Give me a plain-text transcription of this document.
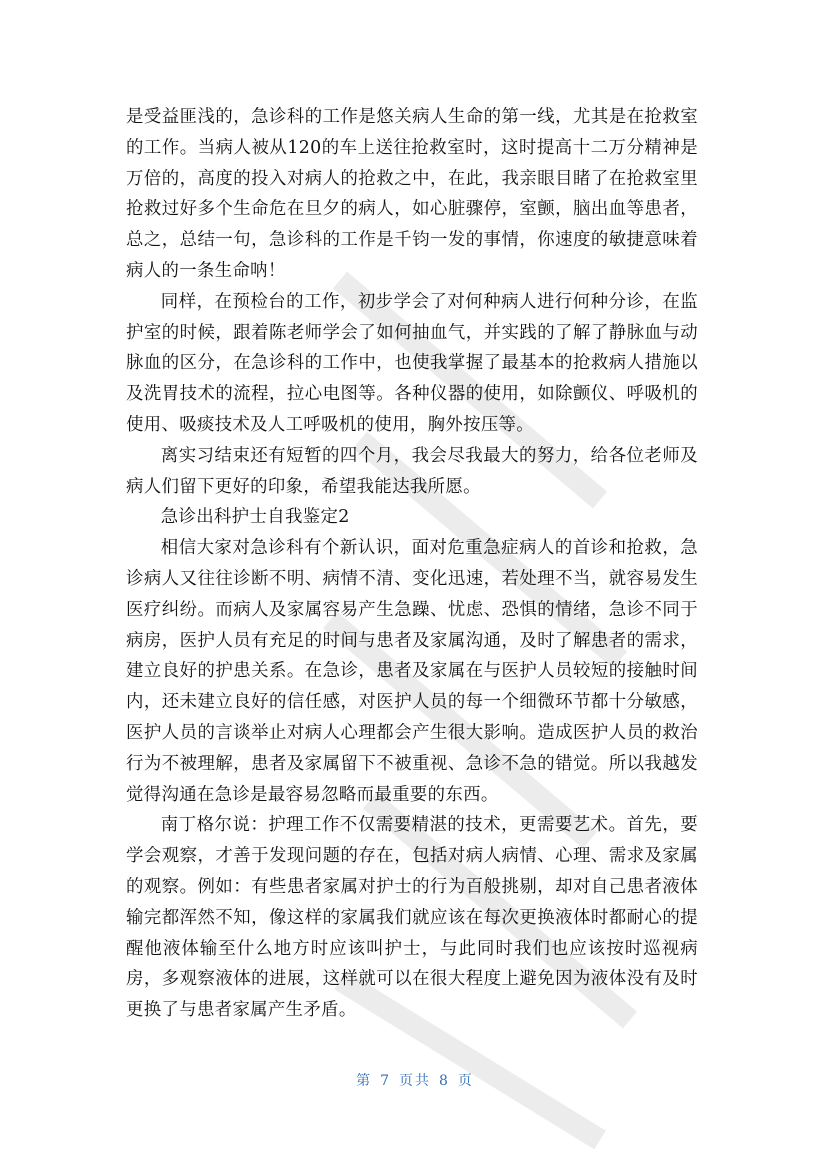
是受益匪浅的，急诊科的工作是悠关病人生命的第一线，尤其是在抢救室的工作。当病人被从120的车上送往抢救室时，这时提高十二万分精神是万倍的，高度的投入对病人的抢救之中，在此，我亲眼目睹了在抢救室里抢救过好多个生命危在旦夕的病人，如心脏骤停，室颤，脑出血等患者，总之，总结一句，急诊科的工作是千钧一发的事情，你速度的敏捷意味着病人的一条生命呐！

同样，在预检台的工作，初步学会了对何种病人进行何种分诊，在监护室的时候，跟着陈老师学会了如何抽血气，并实践的了解了静脉血与动脉血的区分，在急诊科的工作中，也使我掌握了最基本的抢救病人措施以及洗胃技术的流程，拉心电图等。各种仪器的使用，如除颤仪、呼吸机的使用、吸痰技术及人工呼吸机的使用，胸外按压等。

离实习结束还有短暂的四个月，我会尽我最大的努力，给各位老师及病人们留下更好的印象，希望我能达我所愿。

急诊出科护士自我鉴定2

相信大家对急诊科有个新认识，面对危重急症病人的首诊和抢救，急诊病人又往往诊断不明、病情不清、变化迅速，若处理不当，就容易发生医疗纠纷。而病人及家属容易产生急躁、忧虑、恐惧的情绪，急诊不同于病房，医护人员有充足的时间与患者及家属沟通，及时了解患者的需求，建立良好的护患关系。在急诊，患者及家属在与医护人员较短的接触时间内，还未建立良好的信任感，对医护人员的每一个细微环节都十分敏感，医护人员的言谈举止对病人心理都会产生很大影响。造成医护人员的救治行为不被理解，患者及家属留下不被重视、急诊不急的错觉。所以我越发觉得沟通在急诊是最容易忽略而最重要的东西。

南丁格尔说：护理工作不仅需要精湛的技术，更需要艺术。首先，要学会观察，才善于发现问题的存在，包括对病人病情、心理、需求及家属的观察。例如：有些患者家属对护士的行为百般挑剔，却对自己患者液体输完都浑然不知，像这样的家属我们就应该在每次更换液体时都耐心的提醒他液体输至什么地方时应该叫护士，与此同时我们也应该按时巡视病房，多观察液体的进展，这样就可以在很大程度上避免因为液体没有及时更换了与患者家属产生矛盾。

第 7 页共 8 页
